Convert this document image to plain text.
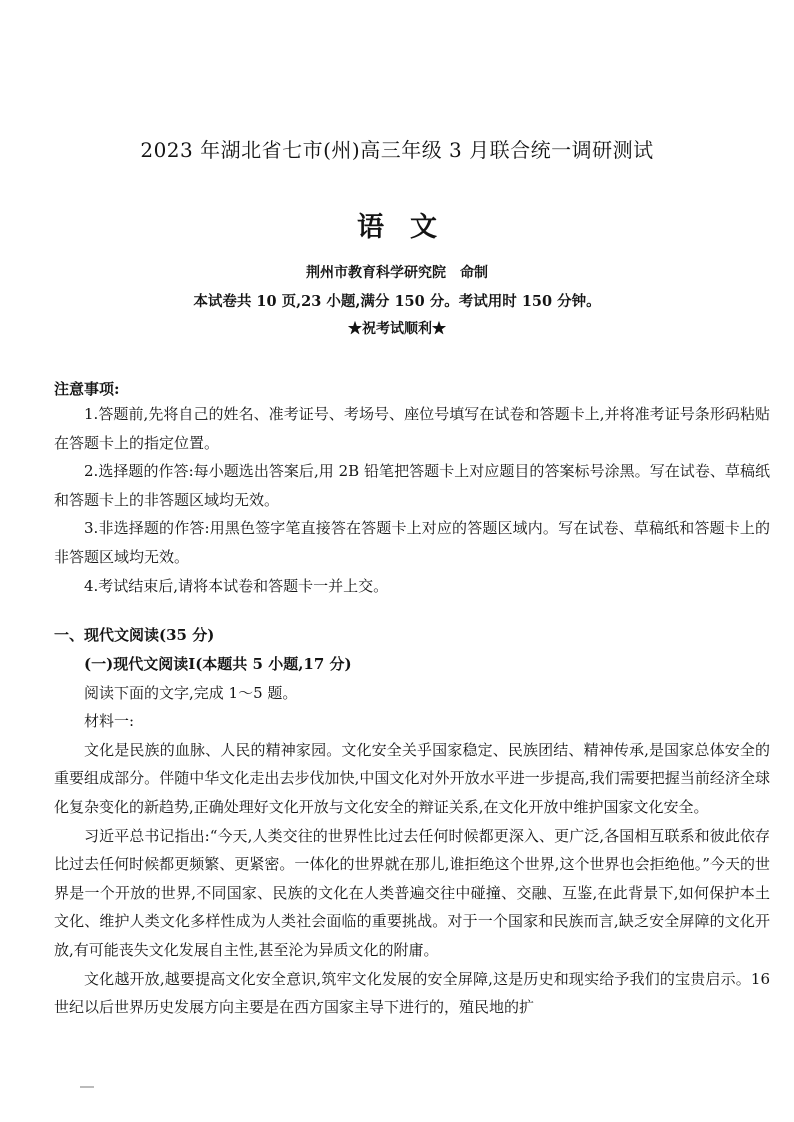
2023 年湖北省七市(州)高三年级 3 月联合统一调研测试
语文
荆州市教育科学研究院　命制
本试卷共 10 页,23 小题,满分 150 分。考试用时 150 分钟。
★祝考试顺利★
注意事项:

1.答题前,先将自己的姓名、准考证号、考场号、座位号填写在试卷和答题卡上,并将准考证号条形码粘贴在答题卡上的指定位置。

2.选择题的作答:每小题选出答案后,用 2B 铅笔把答题卡上对应题目的答案标号涂黑。写在试卷、草稿纸和答题卡上的非答题区域均无效。

3.非选择题的作答:用黑色签字笔直接答在答题卡上对应的答题区域内。写在试卷、草稿纸和答题卡上的非答题区域均无效。

4.考试结束后,请将本试卷和答题卡一并上交。

一、现代文阅读(35 分)

(一)现代文阅读Ⅰ(本题共 5 小题,17 分)

阅读下面的文字,完成 1～5 题。

材料一:

文化是民族的血脉、人民的精神家园。文化安全关乎国家稳定、民族团结、精神传承,是国家总体安全的重要组成部分。伴随中华文化走出去步伐加快,中国文化对外开放水平进一步提高,我们需要把握当前经济全球化复杂变化的新趋势,正确处理好文化开放与文化安全的辩证关系,在文化开放中维护国家文化安全。

习近平总书记指出:“今天,人类交往的世界性比过去任何时候都更深入、更广泛,各国相互联系和彼此依存比过去任何时候都更频繁、更紧密。一体化的世界就在那儿,谁拒绝这个世界,这个世界也会拒绝他。”今天的世界是一个开放的世界,不同国家、民族的文化在人类普遍交往中碰撞、交融、互鉴,在此背景下,如何保护本土文化、维护人类文化多样性成为人类社会面临的重要挑战。对于一个国家和民族而言,缺乏安全屏障的文化开放,有可能丧失文化发展自主性,甚至沦为异质文化的附庸。

文化越开放,越要提高文化安全意识,筑牢文化发展的安全屏障,这是历史和现实给予我们的宝贵启示。16 世纪以后世界历史发展方向主要是在西方国家主导下进行的，殖民地的扩
